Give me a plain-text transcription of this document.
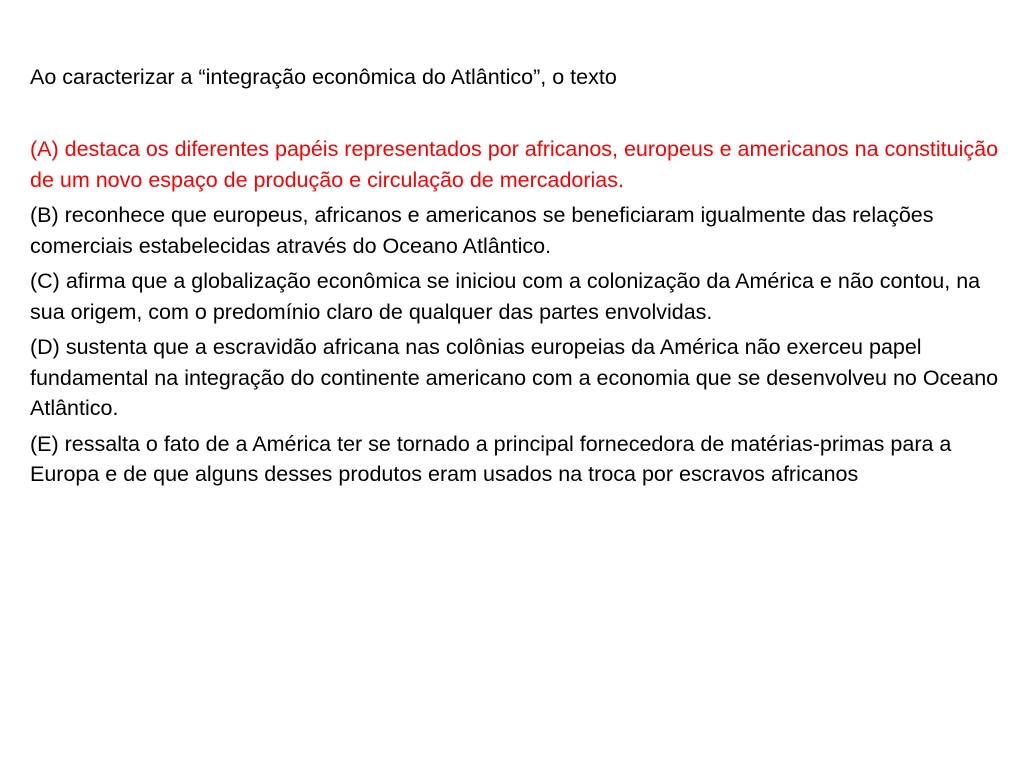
Ao caracterizar a “integração econômica do Atlântico”, o texto

(A) destaca os diferentes papéis representados por africanos, europeus e americanos na constituição de um novo espaço de produção e circulação de mercadorias.
(B) reconhece que europeus, africanos e americanos se beneficiaram igualmente das relações comerciais estabelecidas através do Oceano Atlântico.
(C) afirma que a globalização econômica se iniciou com a colonização da América e não contou, na sua origem, com o predomínio claro de qualquer das partes envolvidas.
(D) sustenta que a escravidão africana nas colônias europeias da América não exerceu papel fundamental na integração do continente americano com a economia que se desenvolveu no Oceano Atlântico.
(E) ressalta o fato de a América ter se tornado a principal fornecedora de matérias-primas para a Europa e de que alguns desses produtos eram usados na troca por escravos africanos
